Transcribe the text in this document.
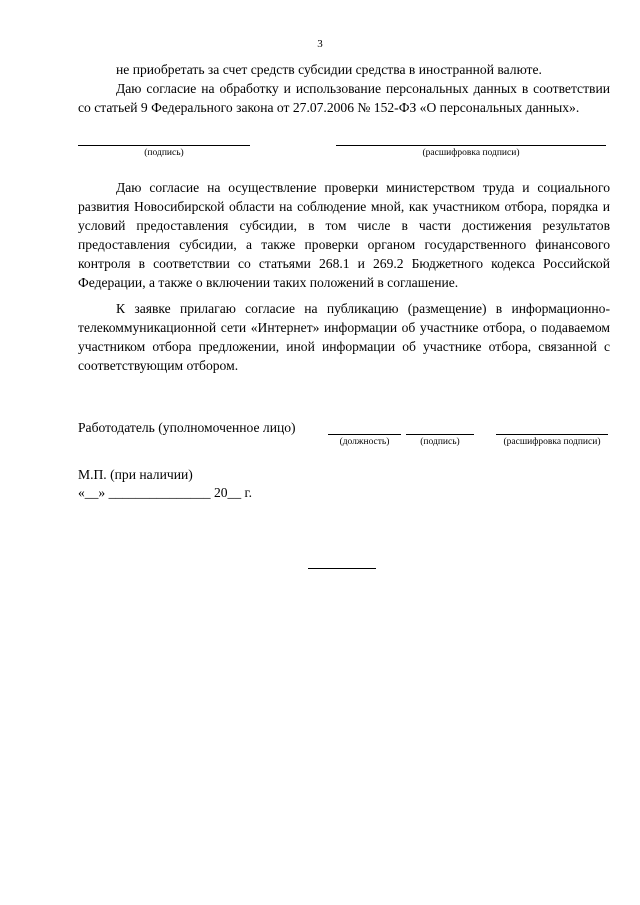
3

не приобретать за счет средств субсидии средства в иностранной валюте.

Даю согласие на обработку и использование персональных данных в соответствии со статьей 9 Федерального закона от 27.07.2006 № 152-ФЗ «О персональных данных».

(подпись)	(расшифровка подписи)

Даю согласие на осуществление проверки министерством труда и социального развития Новосибирской области на соблюдение мной, как участником отбора, порядка и условий предоставления субсидии, в том числе в части достижения результатов предоставления субсидии, а также проверки органом государственного финансового контроля в соответствии со статьями 268.1 и 269.2 Бюджетного кодекса Российской Федерации, а также о включении таких положений в соглашение.

К заявке прилагаю согласие на публикацию (размещение) в информационно-телекоммуникационной сети «Интернет» информации об участнике отбора, о подаваемом участником отбора предложении, иной информации об участнике отбора, связанной с соответствующим отбором.

Работодатель (уполномоченное лицо)
(должность)	(подпись)	(расшифровка подписи)
М.П. (при наличии)
«__» _______________ 20__ г.
